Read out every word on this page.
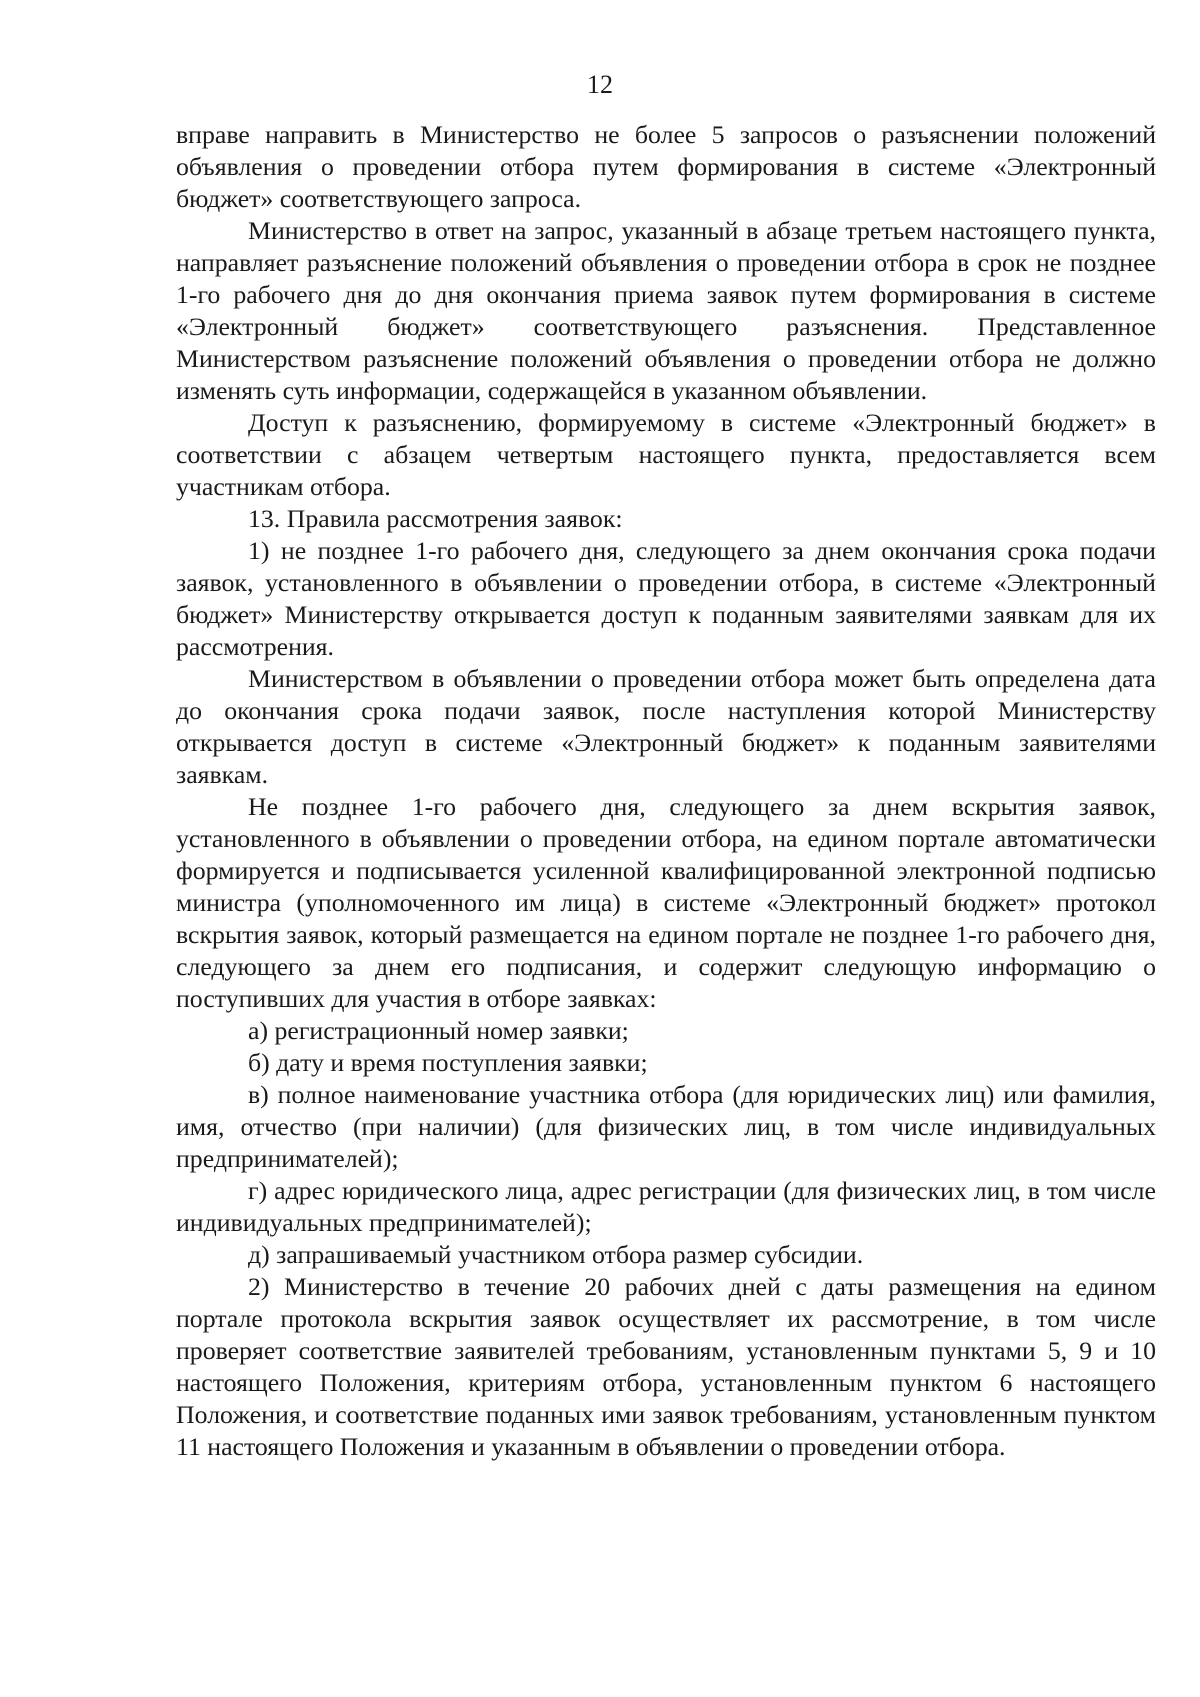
12

вправе направить в Министерство не более 5 запросов о разъяснении положений объявления о проведении отбора путем формирования в системе «Электронный бюджет» соответствующего запроса.

Министерство в ответ на запрос, указанный в абзаце третьем настоящего пункта, направляет разъяснение положений объявления о проведении отбора в срок не позднее 1-го рабочего дня до дня окончания приема заявок путем формирования в системе «Электронный бюджет» соответствующего разъяснения. Представленное Министерством разъяснение положений объявления о проведении отбора не должно изменять суть информации, содержащейся в указанном объявлении.

Доступ к разъяснению, формируемому в системе «Электронный бюджет» в соответствии с абзацем четвертым настоящего пункта, предоставляется всем участникам отбора.

13. Правила рассмотрения заявок:

1) не позднее 1-го рабочего дня, следующего за днем окончания срока подачи заявок, установленного в объявлении о проведении отбора, в системе «Электронный бюджет» Министерству открывается доступ к поданным заявителями заявкам для их рассмотрения.

Министерством в объявлении о проведении отбора может быть определена дата до окончания срока подачи заявок, после наступления которой Министерству открывается доступ в системе «Электронный бюджет» к поданным заявителями заявкам.

Не позднее 1-го рабочего дня, следующего за днем вскрытия заявок, установленного в объявлении о проведении отбора, на едином портале автоматически формируется и подписывается усиленной квалифицированной электронной подписью министра (уполномоченного им лица) в системе «Электронный бюджет» протокол вскрытия заявок, который размещается на едином портале не позднее 1-го рабочего дня, следующего за днем его подписания, и содержит следующую информацию о поступивших для участия в отборе заявках:

а) регистрационный номер заявки;

б) дату и время поступления заявки;

в) полное наименование участника отбора (для юридических лиц) или фамилия, имя, отчество (при наличии) (для физических лиц, в том числе индивидуальных предпринимателей);

г) адрес юридического лица, адрес регистрации (для физических лиц, в том числе индивидуальных предпринимателей);

д) запрашиваемый участником отбора размер субсидии.

2) Министерство в течение 20 рабочих дней с даты размещения на едином портале протокола вскрытия заявок осуществляет их рассмотрение, в том числе проверяет соответствие заявителей требованиям, установленным пунктами 5, 9 и 10 настоящего Положения, критериям отбора, установленным пунктом 6 настоящего Положения, и соответствие поданных ими заявок требованиям, установленным пунктом 11 настоящего Положения и указанным в объявлении о проведении отбора.
